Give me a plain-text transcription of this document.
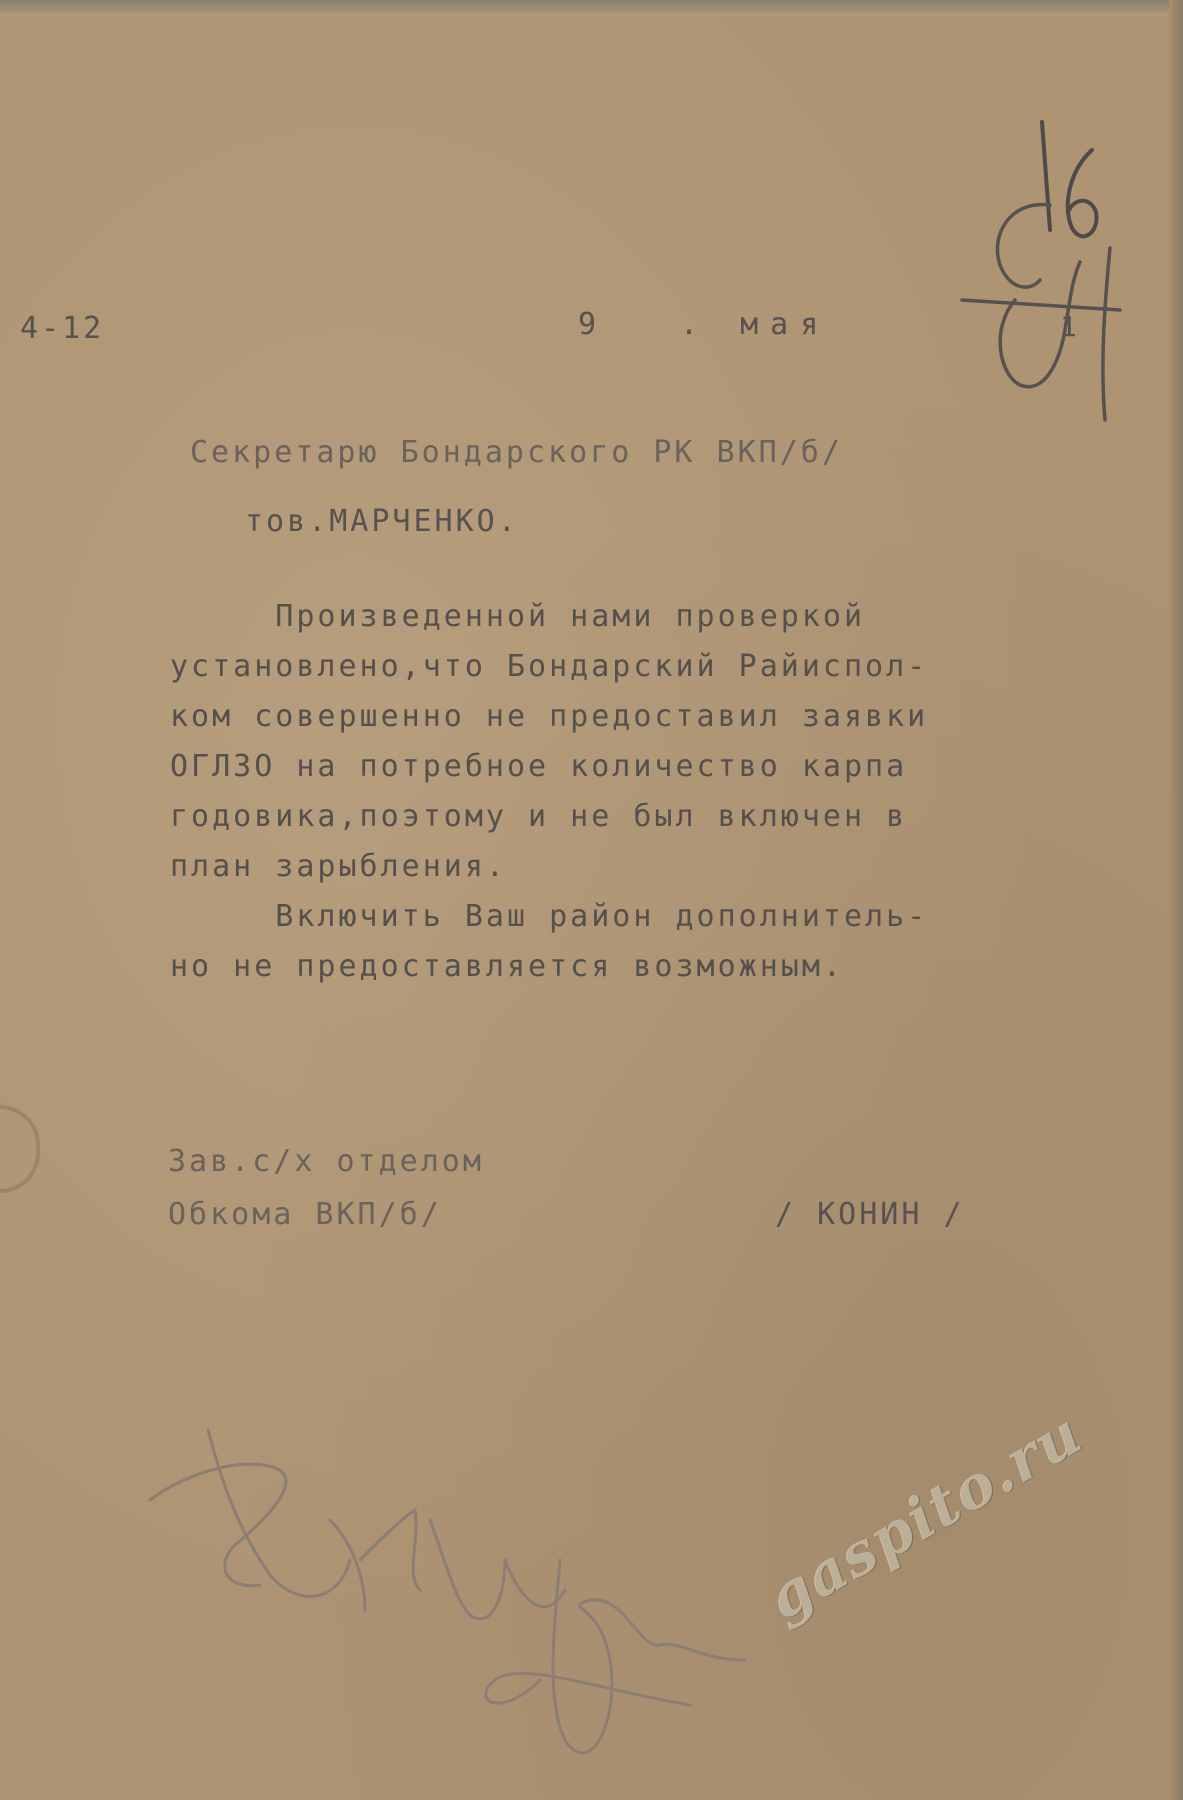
4-12	9	. мая	1
Секретарю Бондарского РК ВКП/б/
тов.МАРЧЕНКО.
Произведенной нами проверкой
установлено,что Бондарский Райиспол-
ком совершенно не предоставил заявки
ОГЛЗО на потребное количество карпа
годовика,поэтому и не был включен в
план зарыбления.
Включить Ваш район дополнитель-
но не предоставляется возможным.
Зав.с/х отделом
Обкома ВКП/б/	/ КОНИН /
gaspito.ru
